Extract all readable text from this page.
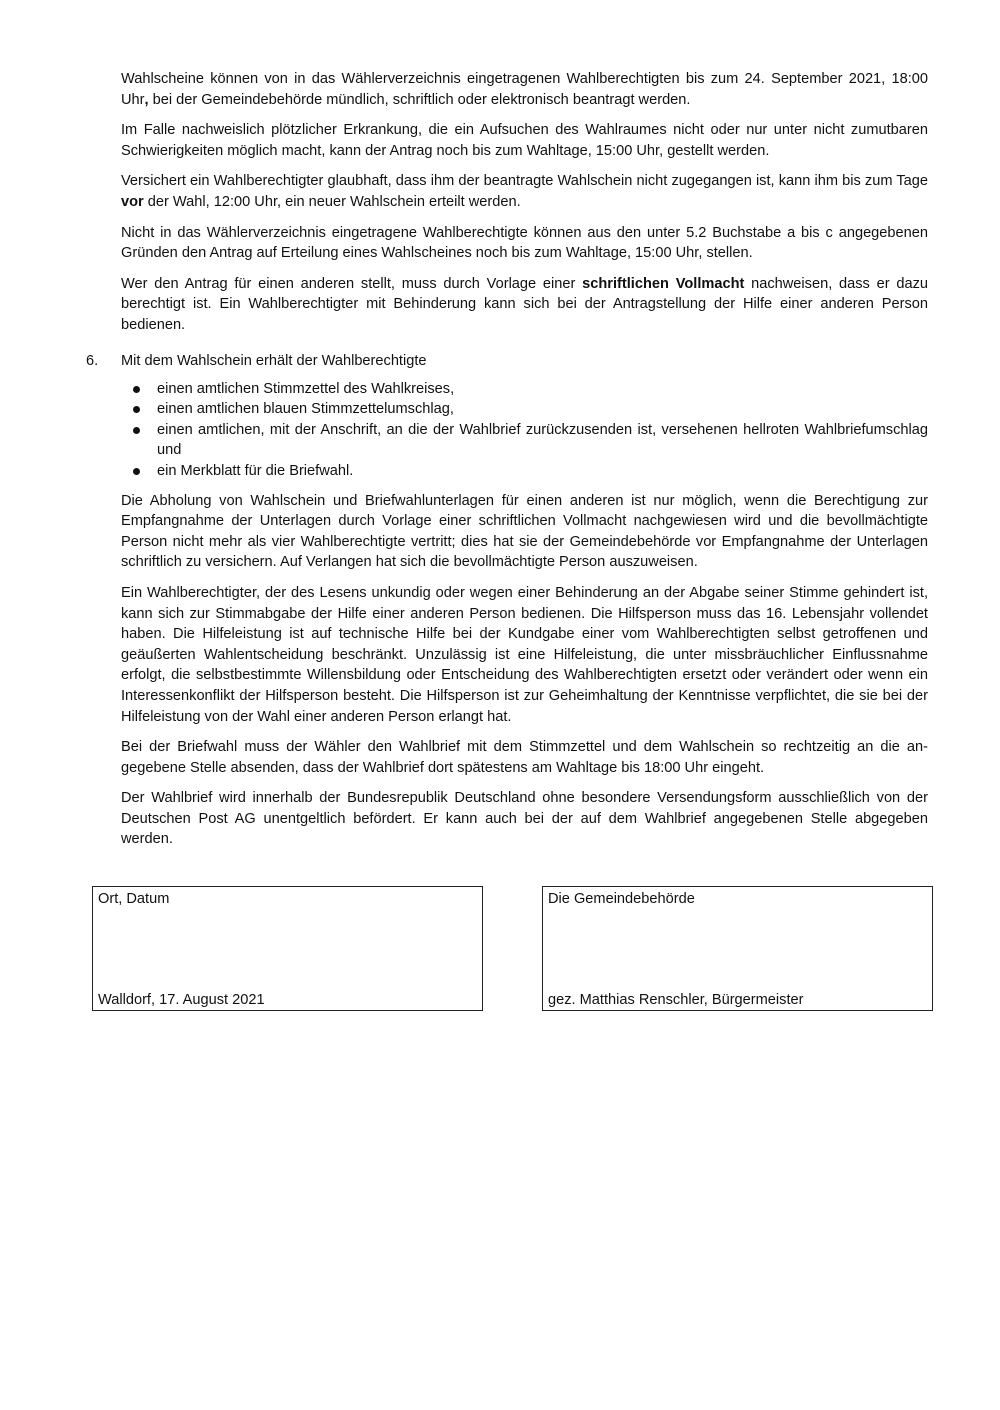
Wahlscheine können von in das Wählerverzeichnis eingetragenen Wahlberechtigten bis zum 24. September 2021, 18:00 Uhr, bei der Gemeindebehörde mündlich, schriftlich oder elektronisch beantragt werden.

Im Falle nachweislich plötzlicher Erkrankung, die ein Aufsuchen des Wahlraumes nicht oder nur unter nicht zumutbaren Schwierigkeiten möglich macht, kann der Antrag noch bis zum Wahltage, 15:00 Uhr, gestellt werden.

Versichert ein Wahlberechtigter glaubhaft, dass ihm der beantragte Wahlschein nicht zugegangen ist, kann ihm bis zum Tage vor der Wahl, 12:00 Uhr, ein neuer Wahlschein erteilt werden.

Nicht in das Wählerverzeichnis eingetragene Wahlberechtigte können aus den unter 5.2 Buchstabe a bis c angegebenen Gründen den Antrag auf Erteilung eines Wahlscheines noch bis zum Wahltage, 15:00 Uhr, stellen.

Wer den Antrag für einen anderen stellt, muss durch Vorlage einer schriftlichen Vollmacht nachweisen, dass er dazu berechtigt ist. Ein Wahlberechtigter mit Behinderung kann sich bei der Antragstellung der Hilfe einer anderen Person bedienen.

6. Mit dem Wahlschein erhält der Wahlberechtigte
einen amtlichen Stimmzettel des Wahlkreises,
einen amtlichen blauen Stimmzettelumschlag,
einen amtlichen, mit der Anschrift, an die der Wahlbrief zurückzusenden ist, versehenen hellroten Wahlbriefumschlag und
ein Merkblatt für die Briefwahl.

Die Abholung von Wahlschein und Briefwahlunterlagen für einen anderen ist nur möglich, wenn die Berechtigung zur Empfangnahme der Unterlagen durch Vorlage einer schriftlichen Vollmacht nachgewiesen wird und die bevollmächtigte Person nicht mehr als vier Wahlberechtigte vertritt; dies hat sie der Gemeindebehörde vor Empfangnahme der Unterlagen schriftlich zu versichern. Auf Verlangen hat sich die bevollmächtigte Person auszuweisen.

Ein Wahlberechtigter, der des Lesens unkundig oder wegen einer Behinderung an der Abgabe seiner Stimme gehindert ist, kann sich zur Stimmabgabe der Hilfe einer anderen Person bedienen. Die Hilfsperson muss das 16. Lebensjahr vollendet haben. Die Hilfeleistung ist auf technische Hilfe bei der Kundgabe einer vom Wahlberechtigten selbst getroffenen und geäußerten Wahlentscheidung beschränkt. Unzulässig ist eine Hilfeleistung, die unter missbräuchlicher Einflussnahme erfolgt, die selbstbestimmte Willensbildung oder Entscheidung des Wahlberechtigten ersetzt oder verändert oder wenn ein Interessenkonflikt der Hilfsperson besteht. Die Hilfsperson ist zur Geheimhaltung der Kenntnisse verpflichtet, die sie bei der Hilfeleistung von der Wahl einer anderen Person erlangt hat.

Bei der Briefwahl muss der Wähler den Wahlbrief mit dem Stimmzettel und dem Wahlschein so rechtzeitig an die angegebene Stelle absenden, dass der Wahlbrief dort spätestens am Wahltage bis 18:00 Uhr eingeht.

Der Wahlbrief wird innerhalb der Bundesrepublik Deutschland ohne besondere Versendungsform ausschließlich von der Deutschen Post AG unentgeltlich befördert. Er kann auch bei der auf dem Wahlbrief angegebenen Stelle abgegeben werden.

Ort, Datum
Walldorf, 17. August 2021
Die Gemeindebehörde
gez. Matthias Renschler, Bürgermeister
